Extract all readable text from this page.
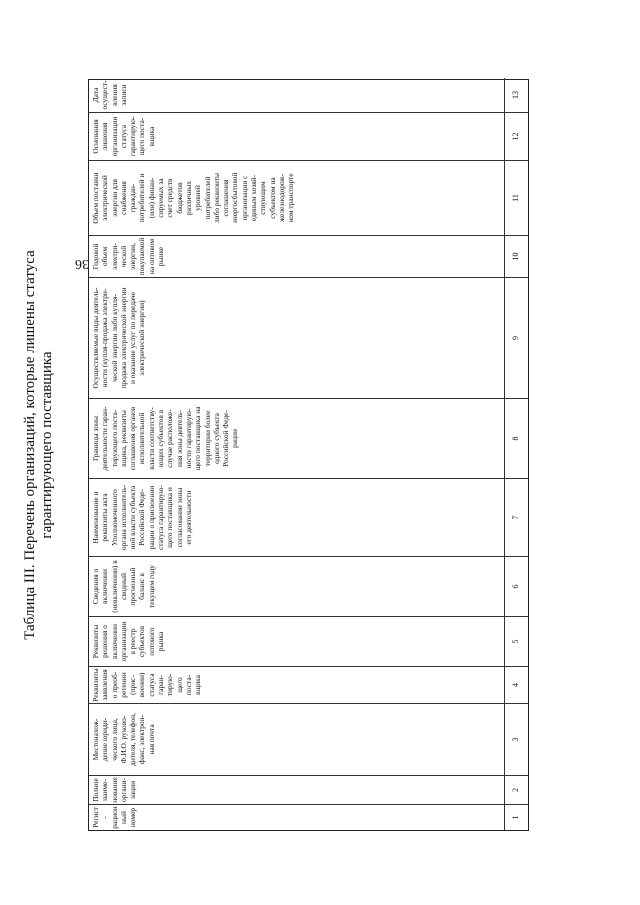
Таблица III. Перечень организаций, которые лишены статуса гарантирующего поставщика
Регист-
рацион
ный
номер
Полное
наиме-
нование
органи-
зации
Местонахож-
дение юриди-
ческого лица,
Ф.И.О. руково-
дителя, телефон,
факс, электрон-
ная почта
Реквизиты
заявления
о преоб-
ретении
(прис-
воении)
статуса
гаран-
тирую-
щего
поста-
вщика
Реквизиты
решения о
включении
организации
в реестр
субъектов
оптового
рынка
Сведения о
включении
(невключении) в
сводный
прогнозный
баланс в
текущем году
Наименование и
реквизиты акта
Уполномоченного
органа исполнитель-
ной власти субъекта
Российской Феде-
рации о присвоении
статуса гарантирую-
щего поставщика и
согласовании зоны
его деятельности
Границы зоны
деятельности гаран-
тирующего поста-
вщика, реквизиты
соглашения органов
исполнительной
власти соответству-
ющих субъектов в
случае расположе-
ния зоны деятель-
ности гарантирую-
щего поставщика на
территории более
одного субъекта
Российской Феде-
рации
Осуществляемые виды деятель-
ности (купля-продажа электри-
ческой энергии либо купля-
продажа электрической энергии
и оказание услуг по передаче
электрической энергии)
Годовой
объем
электри-
ческой
энергии,
покупаемой
на оптовом
рынке
Объем поставки
электрической
энергии для
снабжения
граждан-
потребителей и
(или) финан-
сируемых за
счет средств
бюджетов
различных
уровней
потребителей
либо реквизиты
соглашения
энергосбытовой
организации с
единым хозяй-
ствующим
субъектом на
железнодорож-
ном транспорте
Основания
лишения
организации
статуса
гарантирую-
щего поста-
вщика
Дата
осущест-
вления
записи
1
2
3
4
5
6
7
8
9
10
11
12
13
36
